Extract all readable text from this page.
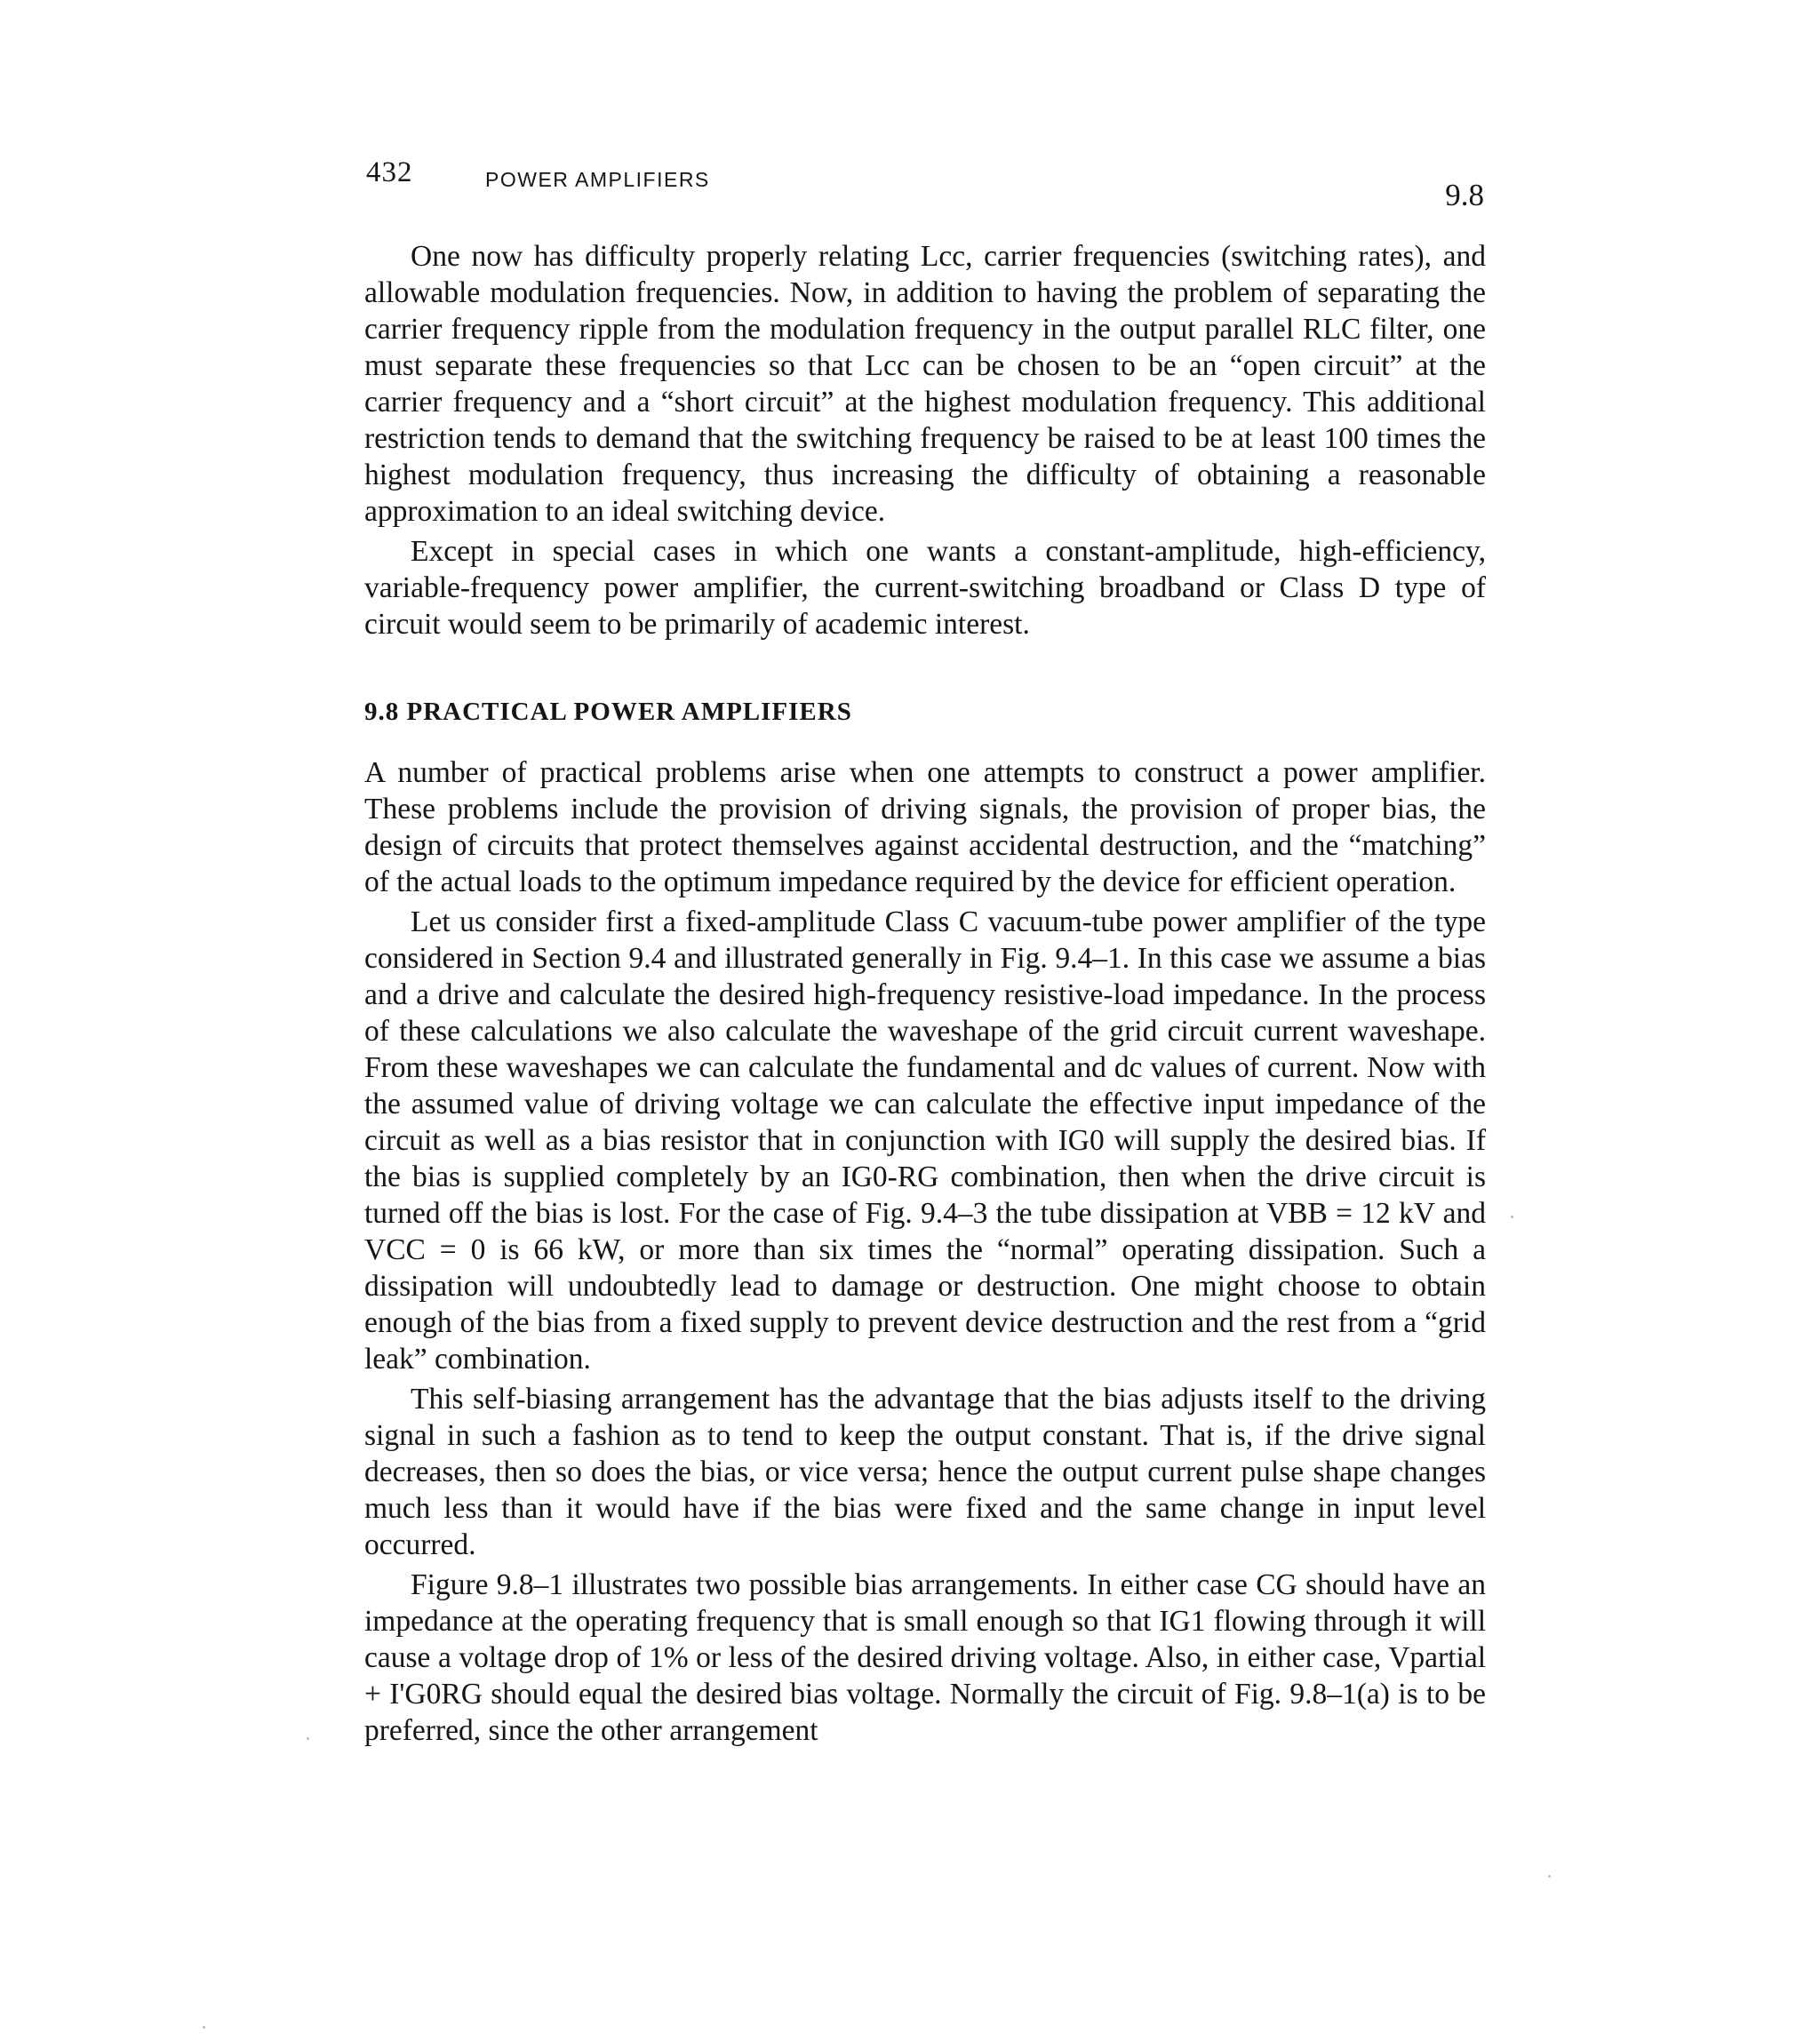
432	POWER AMPLIFIERS	9.8

One now has difficulty properly relating Lcc, carrier frequencies (switching rates), and allowable modulation frequencies. Now, in addition to having the problem of separating the carrier frequency ripple from the modulation frequency in the output parallel RLC filter, one must separate these frequencies so that Lcc can be chosen to be an “open circuit” at the carrier frequency and a “short circuit” at the highest modulation frequency. This additional restriction tends to demand that the switching frequency be raised to be at least 100 times the highest modulation frequency, thus increasing the difficulty of obtaining a reasonable approximation to an ideal switching device.

Except in special cases in which one wants a constant-amplitude, high-efficiency, variable-frequency power amplifier, the current-switching broadband or Class D type of circuit would seem to be primarily of academic interest.

9.8 PRACTICAL POWER AMPLIFIERS

A number of practical problems arise when one attempts to construct a power amplifier. These problems include the provision of driving signals, the provision of proper bias, the design of circuits that protect themselves against accidental destruction, and the “matching” of the actual loads to the optimum impedance required by the device for efficient operation.

Let us consider first a fixed-amplitude Class C vacuum-tube power amplifier of the type considered in Section 9.4 and illustrated generally in Fig. 9.4–1. In this case we assume a bias and a drive and calculate the desired high-frequency resistive-load impedance. In the process of these calculations we also calculate the waveshape of the grid circuit current waveshape. From these waveshapes we can calculate the fundamental and dc values of current. Now with the assumed value of driving voltage we can calculate the effective input impedance of the circuit as well as a bias resistor that in conjunction with IG0 will supply the desired bias. If the bias is supplied completely by an IG0-RG combination, then when the drive circuit is turned off the bias is lost. For the case of Fig. 9.4–3 the tube dissipation at VBB = 12 kV and VCC = 0 is 66 kW, or more than six times the “normal” operating dissipation. Such a dissipation will undoubtedly lead to damage or destruction. One might choose to obtain enough of the bias from a fixed supply to prevent device destruction and the rest from a “grid leak” combination.

This self-biasing arrangement has the advantage that the bias adjusts itself to the driving signal in such a fashion as to tend to keep the output constant. That is, if the drive signal decreases, then so does the bias, or vice versa; hence the output current pulse shape changes much less than it would have if the bias were fixed and the same change in input level occurred.

Figure 9.8–1 illustrates two possible bias arrangements. In either case CG should have an impedance at the operating frequency that is small enough so that IG1 flowing through it will cause a voltage drop of 1% or less of the desired driving voltage. Also, in either case, Vpartial + I'G0RG should equal the desired bias voltage. Normally the circuit of Fig. 9.8–1(a) is to be preferred, since the other arrangement
